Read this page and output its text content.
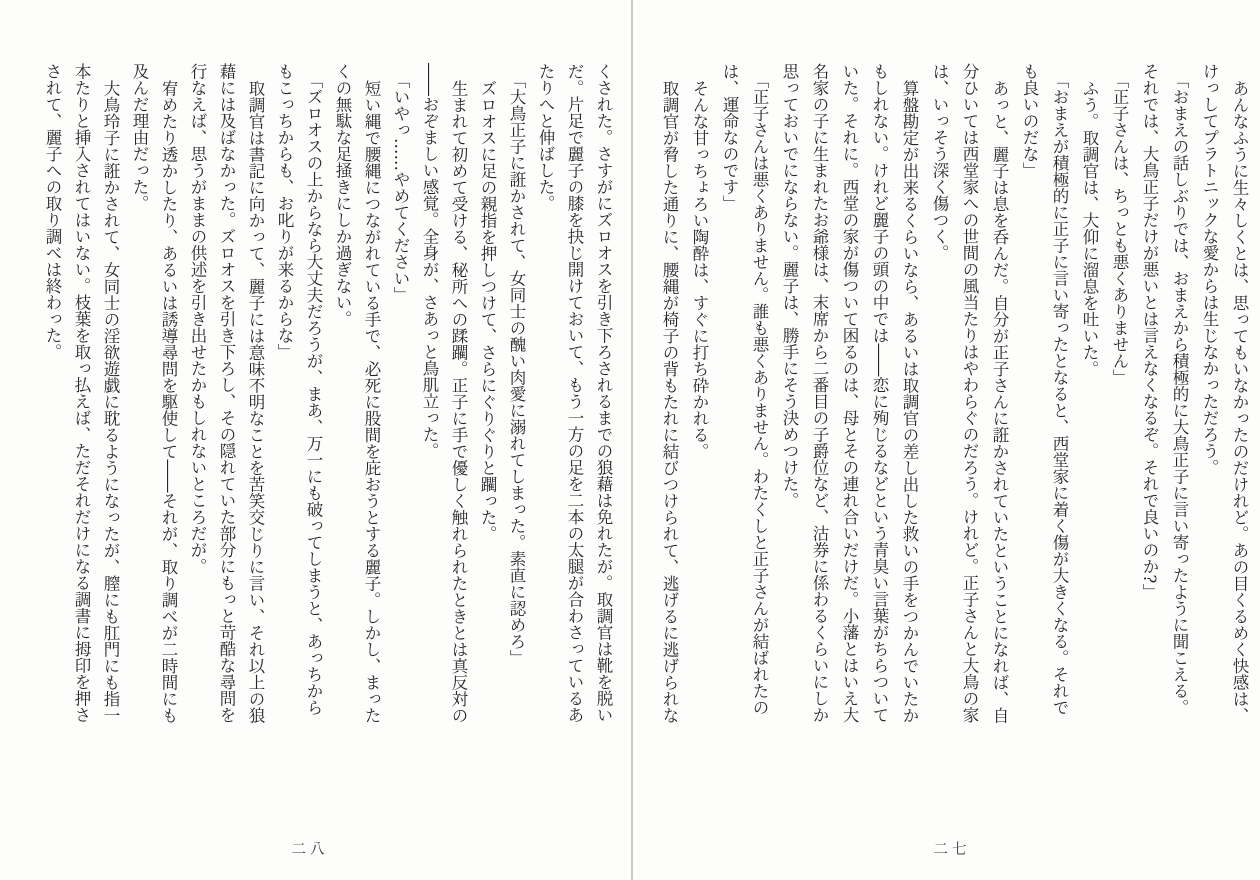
くされた。さすがにズロオスを引き下ろされるまでの狼藉は免れたが。取調官は靴を脱いだ。片足で麗子の膝を抉じ開けておいて、もう一方の足を二本の太腿が合わさっているあたりへと伸ばした。

「大鳥正子に誑かされて、女同士の醜い肉愛に溺れてしまった。素直に認めろ」

ズロオスに足の親指を押しつけて、さらにぐりぐりと躙った。

生まれて初めて受ける、秘所への蹂躙。正子に手で優しく触れられたときとは真反対の――おぞましい感覚。全身が、さあっと鳥肌立った。

「いやっ……やめてください」

短い縄で腰縄につながれている手で、必死に股間を庇おうとする麗子。しかし、まったくの無駄な足掻きにしか過ぎない。

「ズロオスの上からなら大丈夫だろうが、まあ、万一にも破ってしまうと、あっちからもこっちからも、お叱りが来るからな」

取調官は書記に向かって、麗子には意味不明なことを苦笑交じりに言い、それ以上の狼藉には及ばなかった。ズロオスを引き下ろし、その隠れていた部分にもっと苛酷な尋問を行なえば、思うがままの供述を引き出せたかもしれないところだが。

宥めたり透かしたり、あるいは誘導尋問を駆使して――それが、取り調べが二時間にも及んだ理由だった。

大鳥玲子に誑かされて、女同士の淫欲遊戯に耽るようになったが、膣にも肛門にも指一本たりと挿入されてはいない。枝葉を取っ払えば、ただそれだけになる調書に拇印を押さされて、麗子への取り調べは終わった。	あんなふうに生々しくとは、思ってもいなかったのだけれど。あの目くるめく快感は、けっしてプラトニックな愛からは生じなかっただろう。

「おまえの話しぶりでは、おまえから積極的に大鳥正子に言い寄ったように聞こえる。それでは、大鳥正子だけが悪いとは言えなくなるぞ。それで良いのか?」

「正子さんは、ちっとも悪くありません」

ふう。取調官は、大仰に溜息を吐いた。

「おまえが積極的に正子に言い寄ったとなると、西堂家に着く傷が大きくなる。それでも良いのだな」

あっと、麗子は息を呑んだ。自分が正子さんに誑かされていたということになれば、自分ひいては西堂家への世間の風当たりはやわらぐのだろう。けれど。正子さんと大鳥の家は、いっそう深く傷つく。

算盤勘定が出来るくらいなら、あるいは取調官の差し出した救いの手をつかんでいたかもしれない。けれど麗子の頭の中では――恋に殉じるなどという青臭い言葉がちらついていた。それに。西堂の家が傷ついて困るのは、母とその連れ合いだけだ。小藩とはいえ大名家の子に生まれたお爺様は、末席から二番目の子爵位など、沽券に係わるくらいにしか思っておいでにならない。麗子は、勝手にそう決めつけた。

「正子さんは悪くありません。誰も悪くありません。わたくしと正子さんが結ばれたのは、運命なのです」

そんな甘っちょろい陶酔は、すぐに打ち砕かれる。

取調官が脅した通りに、腰縄が椅子の背もたれに結びつけられて、逃げるに逃げられな

二八	二七
